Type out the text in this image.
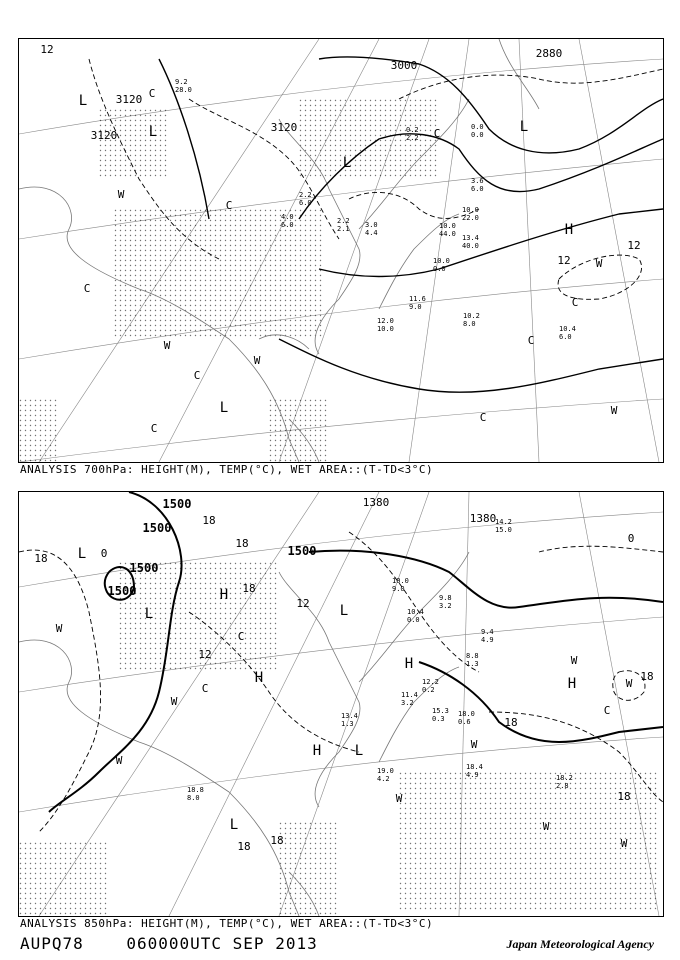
3120
3120
3120
3000
2880
12
12
12
L
L
L
L
L
H
W
W
W
W
W
C
C
C
C
C
C
C
C
C
4.0
6.0	2.2
2.1 3.0
4.4
10.0
44.0 13.4
40.0
10.0
22.0
11.6
9.0
12.0
10.0
10.2
8.0
10.4
6.0
0.2
2.2
0.0
0.0
2.2
6.0
9.2
28.0
3.6
6.0
10.0
0.0
ANALYSIS 700hPa: HEIGHT(M), TEMP(°C), WET AREA::(T-TD<3°C)
1500
1500
1500
1500
1500
1380
1380
18
18
18
18
18
18
12
12
0
0
18
18 18
L
L	L
L
L
H
H
H
H
H
W
W
W
W
W
W
W
W
W
C
C
C
10.0
9.0
10.4
0.0
9.8
3.2
11.4
3.2
12.2
0.2
15.3
0.3
18.0
0.6
18.4
4.9	18.2
2.8
19.0
4.2
18.8
8.0
13.4
1.3
8.8
1.3
9.4
4.9
14.2
15.0
ANALYSIS 850hPa: HEIGHT(M), TEMP(°C), WET AREA::(T-TD<3°C)
AUPQ78	060000UTC SEP 2013	Japan Meteorological Agency
